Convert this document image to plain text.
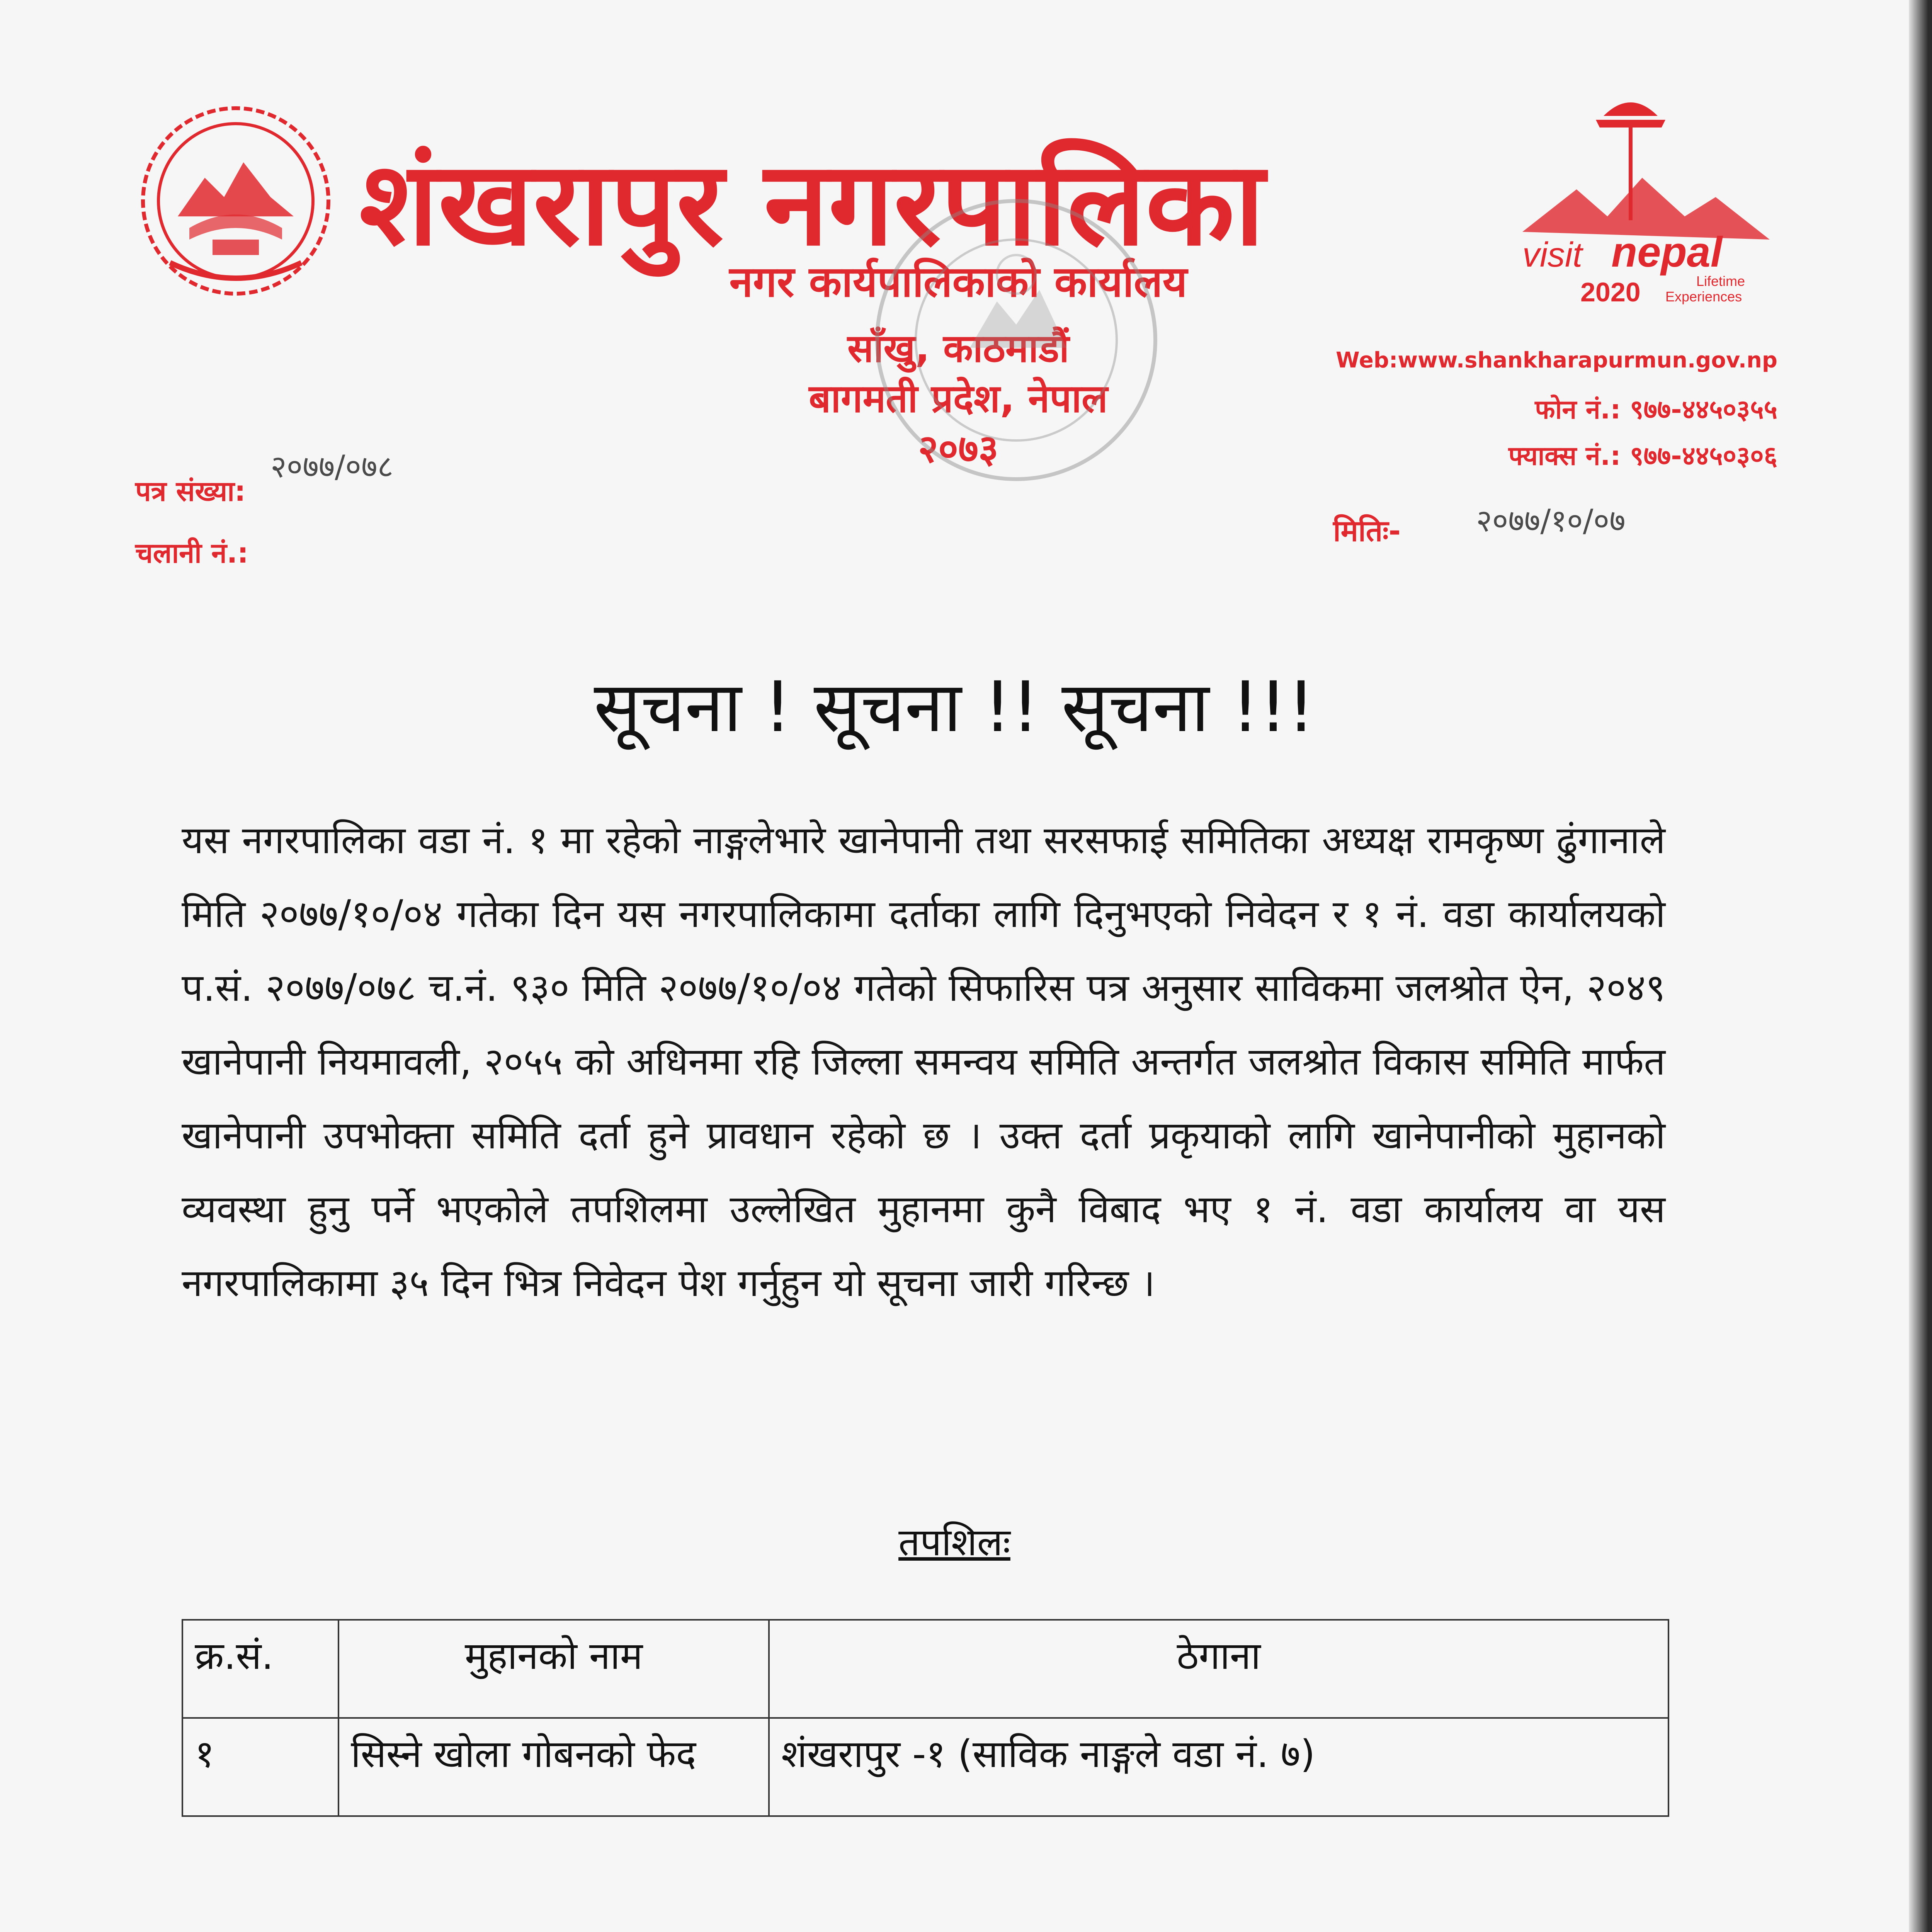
शंखरापुर नगरपालिका
नगर कार्यपालिकाको कार्यालय
साँखु, काठमाडौं
बागमती प्रदेश, नेपाल
२०७३
visit nepal
2020	Lifetime
Experiences
Web:www.shankharapurmun.gov.np
फोन नं.: ९७७-४४५०३५५
फ्याक्स नं.: ९७७-४४५०३०६
पत्र संख्या:
२०७७/०७८
चलानी नं.:
मितिः- २०७७/१०/०७
सूचना ! सूचना !! सूचना !!!
यस नगरपालिका वडा नं. १ मा रहेको नाङ्गलेभारे खानेपानी तथा सरसफाई समितिका अध्यक्ष रामकृष्ण ढुंगानाले मिति २०७७/१०/०४ गतेका दिन यस नगरपालिकामा दर्ताका लागि दिनुभएको निवेदन र १ नं. वडा कार्यालयको प.सं. २०७७/०७८ च.नं. ९३० मिति २०७७/१०/०४ गतेको सिफारिस पत्र अनुसार साविकमा जलश्रोत ऐन, २०४९ खानेपानी नियमावली, २०५५ को अधिनमा रहि जिल्ला समन्वय समिति अन्तर्गत जलश्रोत विकास समिति मार्फत खानेपानी उपभोक्ता समिति दर्ता हुने प्रावधान रहेको छ । उक्त दर्ता प्रकृयाको लागि खानेपानीको मुहानको व्यवस्था हुनु पर्ने भएकोले तपशिलमा उल्लेखित मुहानमा कुनै विबाद भए १ नं. वडा कार्यालय वा यस नगरपालिकामा ३५ दिन भित्र निवेदन पेश गर्नुहुन यो सूचना जारी गरिन्छ ।
तपशिलः
क्र.सं.	मुहानको नाम	ठेगाना
१	सिस्ने खोला गोबनको फेद	शंखरापुर -१ (साविक नाङ्गले वडा नं. ७)
